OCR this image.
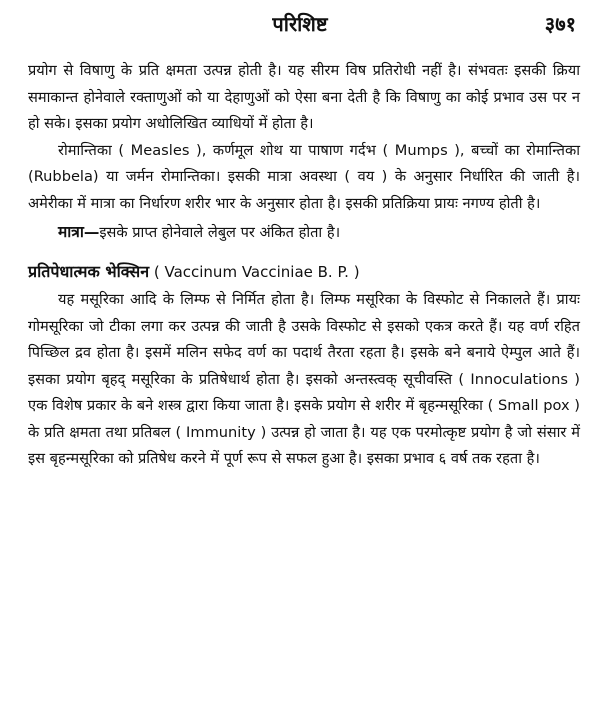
परिशिष्ट	३७१

प्रयोग से विषाणु के प्रति क्षमता उत्पन्न होती है। यह सीरम विष प्रतिरोधी नहीं है। संभवतः इसकी क्रिया समाकान्त होनेवाले रक्ताणुओं को या देहाणुओं को ऐसा बना देती है कि विषाणु का कोई प्रभाव उस पर न हो सके। इसका प्रयोग अधोलिखित व्याधियों में होता है।

रोमान्तिका ( Measles ), कर्णमूल शोथ या पाषाण गर्दभ ( Mumps ), बच्चों का रोमान्तिका (Rubbela) या जर्मन रोमान्तिका। इसकी मात्रा अवस्था ( वय ) के अनुसार निर्धारित की जाती है। अमेरीका में मात्रा का निर्धारण शरीर भार के अनुसार होता है। इसकी प्रतिक्रिया प्रायः नगण्य होती है।

मात्रा—इसके प्राप्त होनेवाले लेबुल पर अंकित होता है।

प्रतिपेधात्मक भेक्सिन ( Vaccinum Vacciniae B. P. )

यह मसूरिका आदि के लिम्फ से निर्मित होता है। लिम्फ मसूरिका के विस्फोट से निकालते हैं। प्रायः गोमसूरिका जो टीका लगा कर उत्पन्न की जाती है उसके विस्फोट से इसको एकत्र करते हैं। यह वर्ण रहित पिच्छिल द्रव होता है। इसमें मलिन सफेद वर्ण का पदार्थ तैरता रहता है। इसके बने बनाये ऐम्पुल आते हैं। इसका प्रयोग बृहद् मसूरिका के प्रतिषेधार्थ होता है। इसको अन्तस्त्वक् सूचीवस्ति ( Innoculations ) एक विशेष प्रकार के बने शस्त्र द्वारा किया जाता है। इसके प्रयोग से शरीर में बृहन्मसूरिका ( Small pox ) के प्रति क्षमता तथा प्रतिबल ( Immunity ) उत्पन्न हो जाता है। यह एक परमोत्कृष्ट प्रयोग है जो संसार में इस बृहन्मसूरिका को प्रतिषेध करने में पूर्ण रूप से सफल हुआ है। इसका प्रभाव ६ वर्ष तक रहता है।
